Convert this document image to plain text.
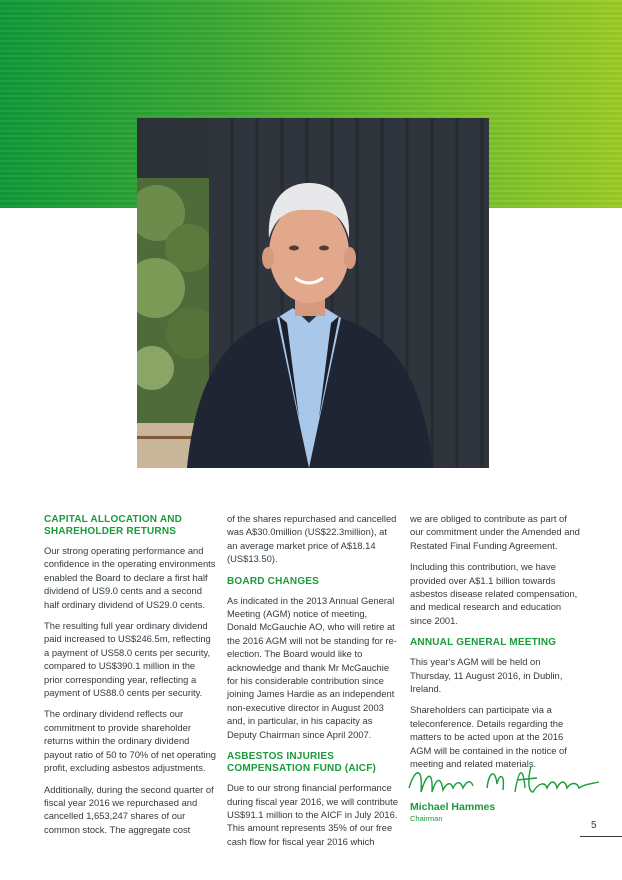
CAPITAL ALLOCATION AND SHAREHOLDER RETURNS

Our strong operating performance and confidence in the operating environments enabled the Board to declare a first half dividend of US9.0 cents and a second half ordinary dividend of US29.0 cents.

The resulting full year ordinary dividend paid increased to US$246.5m, reflecting a payment of US58.0 cents per security, compared to US$390.1 million in the prior corresponding year, reflecting a payment of US88.0 cents per security.

The ordinary dividend reflects our commitment to provide shareholder returns within the ordinary dividend payout ratio of 50 to 70% of net operating profit, excluding asbestos adjustments.

Additionally, during the second quarter of fiscal year 2016 we repurchased and cancelled 1,653,247 shares of our common stock. The aggregate cost

of the shares repurchased and cancelled was A$30.0million (US$22.3million), at an average market price of A$18.14 (US$13.50).

BOARD CHANGES

As indicated in the 2013 Annual General Meeting (AGM) notice of meeting, Donald McGauchie AO, who will retire at the 2016 AGM will not be standing for re-election. The Board would like to acknowledge and thank Mr McGauchie for his considerable contribution since joining James Hardie as an independent non-executive director in August 2003 and, in particular, in his capacity as Deputy Chairman since April 2007.

ASBESTOS INJURIES COMPENSATION FUND (AICF)

Due to our strong financial performance during fiscal year 2016, we will contribute US$91.1 million to the AICF in July 2016. This amount represents 35% of our free cash flow for fiscal year 2016 which

we are obliged to contribute as part of our commitment under the Amended and Restated Final Funding Agreement.

Including this contribution, we have provided over A$1.1 billion towards asbestos disease related compensation, and medical research and education since 2001.

ANNUAL GENERAL MEETING

This year's AGM will be held on Thursday, 11 August 2016, in Dublin, Ireland.

Shareholders can participate via a teleconference. Details regarding the matters to be acted upon at the 2016 AGM will be contained in the notice of meeting and related materials.

Michael Hammes
Chairman
5
